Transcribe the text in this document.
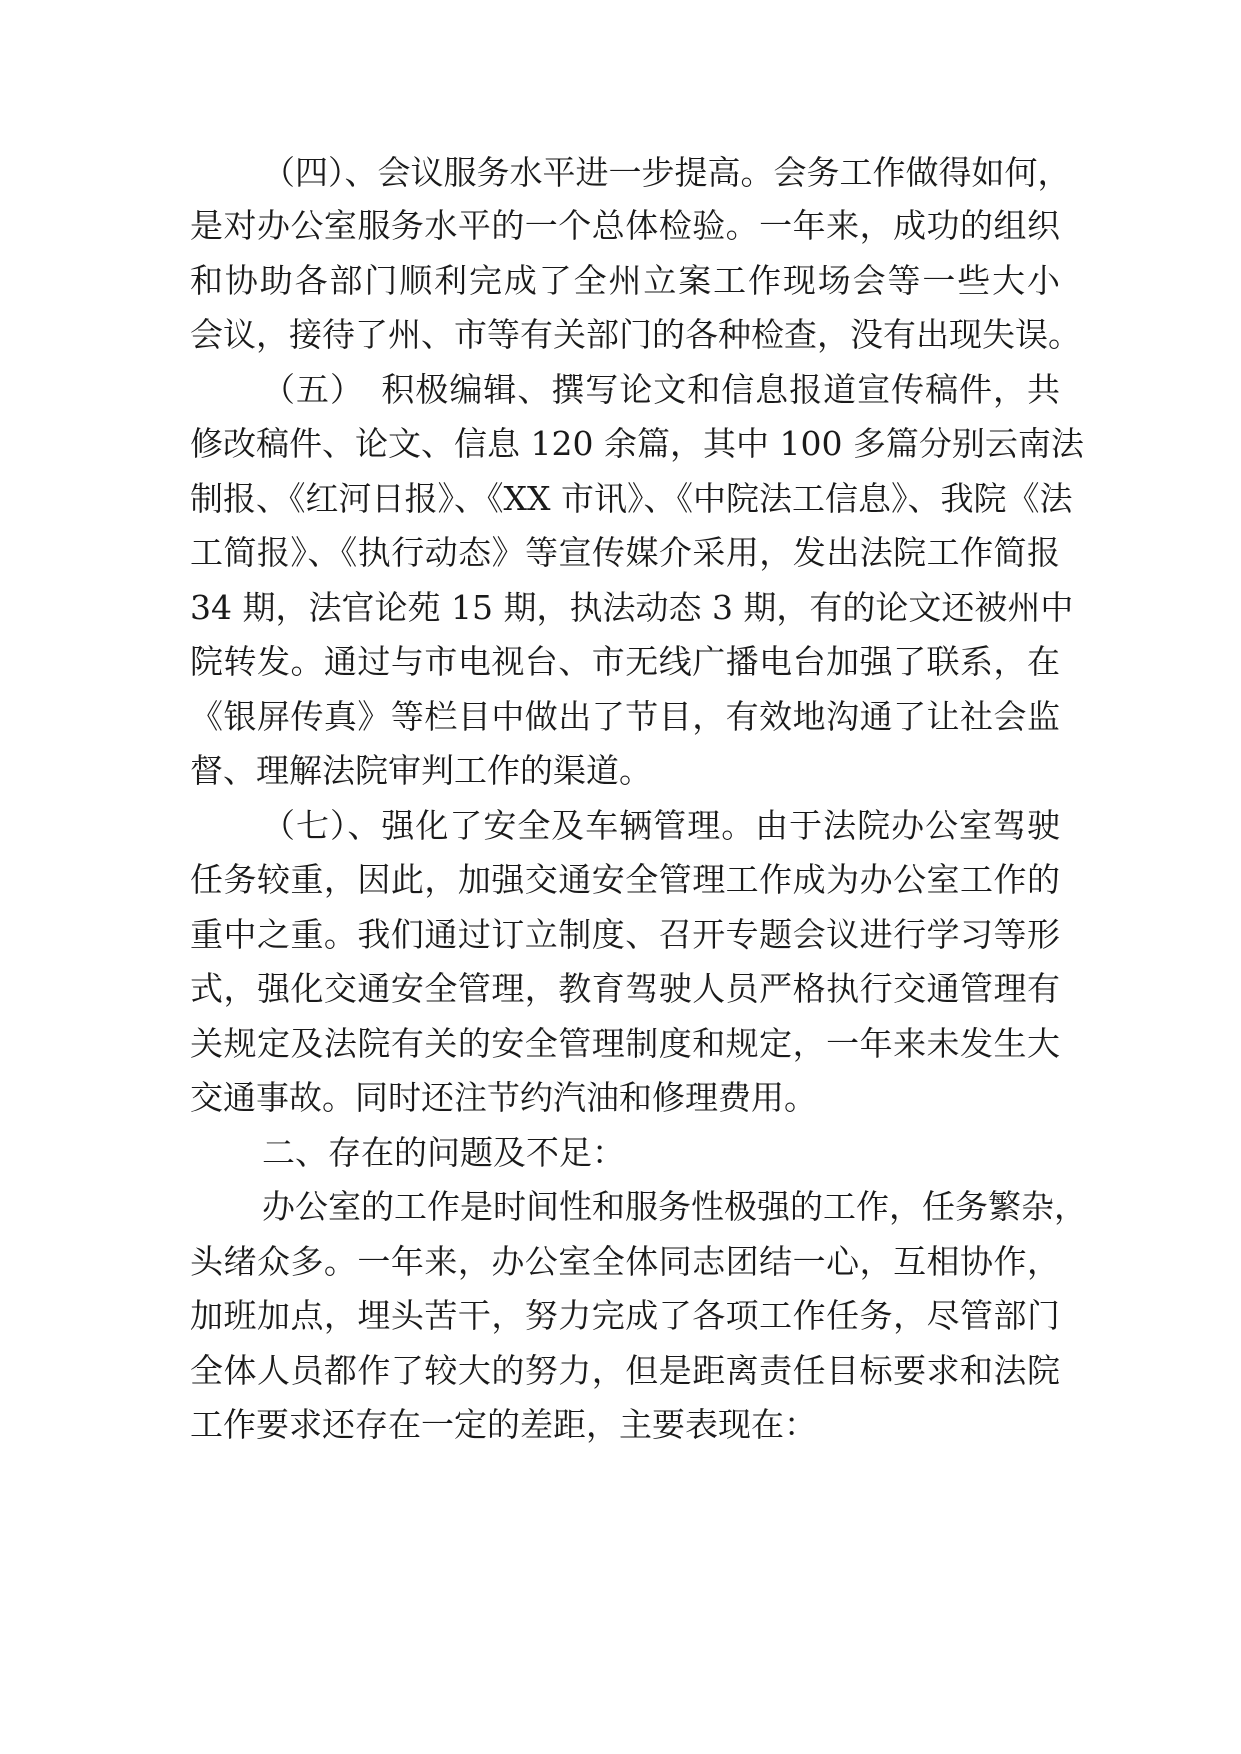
（四）、会议服务水平进一步提高。会务工作做得如何，
是对办公室服务水平的一个总体检验。一年来，成功的组织
和协助各部门顺利完成了全州立案工作现场会等一些大小
会议，接待了州、市等有关部门的各种检查，没有出现失误。
（五）　积极编辑、撰写论文和信息报道宣传稿件，共
修改稿件、论文、信息 120 余篇，其中 100 多篇分别云南法
制报、《红河日报》、《XX 市讯》、《中院法工信息》、我院《法
工简报》、《执行动态》等宣传媒介采用，发出法院工作简报
34 期，法官论苑 15 期，执法动态 3 期，有的论文还被州中
院转发。通过与市电视台、市无线广播电台加强了联系，在
《银屏传真》等栏目中做出了节目，有效地沟通了让社会监
督、理解法院审判工作的渠道。
（七）、强化了安全及车辆管理。由于法院办公室驾驶
任务较重，因此，加强交通安全管理工作成为办公室工作的
重中之重。我们通过订立制度、召开专题会议进行学习等形
式，强化交通安全管理，教育驾驶人员严格执行交通管理有
关规定及法院有关的安全管理制度和规定，一年来未发生大
交通事故。同时还注节约汽油和修理费用。
二、存在的问题及不足：
办公室的工作是时间性和服务性极强的工作，任务繁杂，
头绪众多。一年来，办公室全体同志团结一心，互相协作，
加班加点，埋头苦干，努力完成了各项工作任务，尽管部门
全体人员都作了较大的努力，但是距离责任目标要求和法院
工作要求还存在一定的差距，主要表现在：
